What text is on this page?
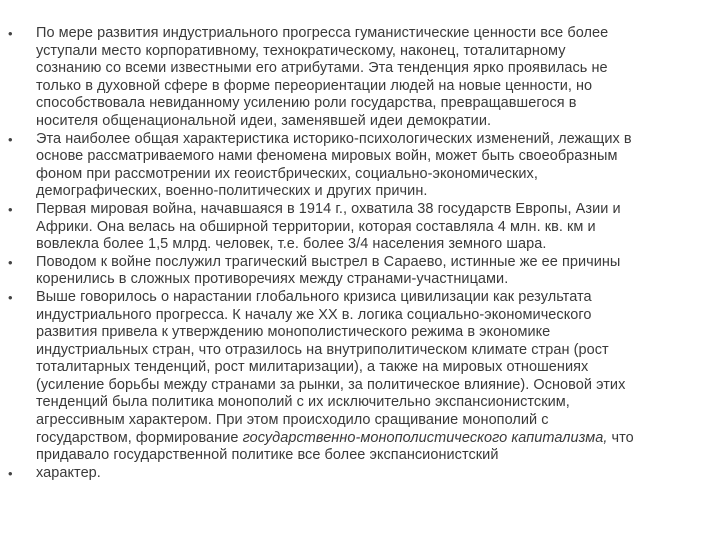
• По мере развития индустриального прогресса гуманистические ценности все более
уступали место корпоративному, технократическому, наконец, тоталитарному
сознанию со всеми известными его атрибутами. Эта тенденция ярко проявилась не
только в духовной сфере в форме переориентации людей на новые ценности, но
способствовала невиданному усилению роли государства, превращавшегося в
носителя общенациональной идеи, заменявшей идеи демократии.
• Эта наиболее общая характеристика историко-психологических изменений, лежащих в
основе рассматриваемого нами феномена мировых войн, может быть своеобразным
фоном при рассмотрении их геоистбрических, социально-экономических,
демографических, военно-политических и других причин.
• Первая мировая война, начавшаяся в 1914 г., охватила 38 государств Европы, Азии и
Африки. Она велась на обширной территории, которая составляла 4 млн. кв. км и
вовлекла более 1,5 млрд. человек, т.е. более 3/4 населения земного шара.
• Поводом к войне послужил трагический выстрел в Сараево, истинные же ее причины
коренились в сложных противоречиях между странами-участницами.
• Выше говорилось о нарастании глобального кризиса цивилизации как результата
индустриального прогресса. К началу же XX в. логика социально-экономического
развития привела к утверждению монополистического режима в экономике
индустриальных стран, что отразилось на внутриполитическом климате стран (рост
тоталитарных тенденций, рост милитаризации), а также на мировых отношениях
(усиление борьбы между странами за рынки, за политическое влияние). Основой этих
тенденций была политика монополий с их исключительно экспансионистским,
агрессивным характером. При этом происходило сращивание монополий с
государством, формирование государственно-монополистического капитализма, что
придавало государственной политике все более экспансионистский
• характер.
